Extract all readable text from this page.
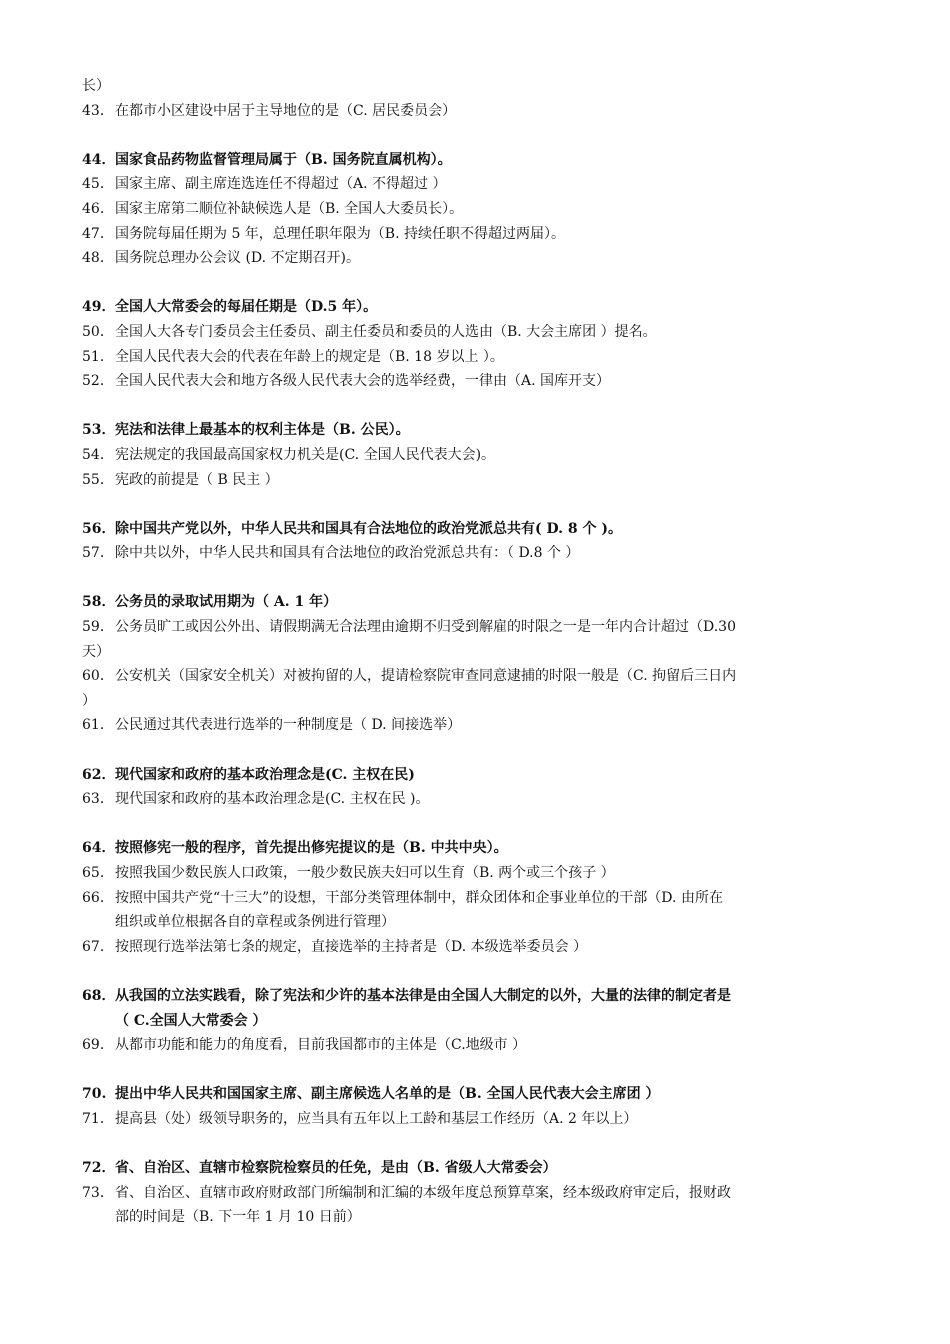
长）
43． 在都市小区建设中居于主导地位的是（C. 居民委员会）
44． 国家食品药物监督管理局属于（B. 国务院直属机构）。
45． 国家主席、副主席连选连任不得超过（A. 不得超过 ）
46． 国家主席第二顺位补缺候选人是（B. 全国人大委员长）。
47． 国务院每届任期为 5 年，总理任职年限为（B. 持续任职不得超过两届）。
48． 国务院总理办公会议 (D. 不定期召开)。
49． 全国人大常委会的每届任期是（D.5 年）。
50． 全国人大各专门委员会主任委员、副主任委员和委员的人选由（B. 大会主席团 ）提名。
51． 全国人民代表大会的代表在年龄上的规定是（B. 18 岁以上 ）。
52． 全国人民代表大会和地方各级人民代表大会的选举经费，一律由（A. 国库开支）
53． 宪法和法律上最基本的权利主体是（B. 公民）。
54． 宪法规定的我国最高国家权力机关是(C. 全国人民代表大会)。
55． 宪政的前提是（ B 民主 ）
56． 除中国共产党以外，中华人民共和国具有合法地位的政治党派总共有( D. 8 个 )。
57． 除中共以外，中华人民共和国具有合法地位的政治党派总共有：（ D.8 个 ）
58． 公务员的录取试用期为（ A. 1 年）
59． 公务员旷工或因公外出、请假期满无合法理由逾期不归受到解雇的时限之一是一年内合计超过（D.30
天）
60． 公安机关（国家安全机关）对被拘留的人，提请检察院审查同意逮捕的时限一般是（C. 拘留后三日内
）
61． 公民通过其代表进行选举的一种制度是（ D. 间接选举）
62． 现代国家和政府的基本政治理念是(C. 主权在民)
63． 现代国家和政府的基本政治理念是(C. 主权在民 )。
64． 按照修宪一般的程序，首先提出修宪提议的是（B. 中共中央）。
65． 按照我国少数民族人口政策，一般少数民族夫妇可以生育（B. 两个或三个孩子 ）
66． 按照中国共产党“十三大”的设想，干部分类管理体制中，群众团体和企事业单位的干部（D. 由所在
组织或单位根据各自的章程或条例进行管理）
67． 按照现行选举法第七条的规定，直接选举的主持者是（D. 本级选举委员会 ）
68． 从我国的立法实践看，除了宪法和少许的基本法律是由全国人大制定的以外，大量的法律的制定者是
（ C.全国人大常委会 ）
69． 从都市功能和能力的角度看，目前我国都市的主体是（C.地级市 ）
70. 提出中华人民共和国国家主席、副主席候选人名单的是（B. 全国人民代表大会主席团 ）
71． 提高县（处）级领导职务的，应当具有五年以上工龄和基层工作经历（A. 2 年以上）
72． 省、自治区、直辖市检察院检察员的任免，是由（B. 省级人大常委会）
73． 省、自治区、直辖市政府财政部门所编制和汇编的本级年度总预算草案，经本级政府审定后，报财政
部的时间是（B. 下一年 1 月 10 日前）
